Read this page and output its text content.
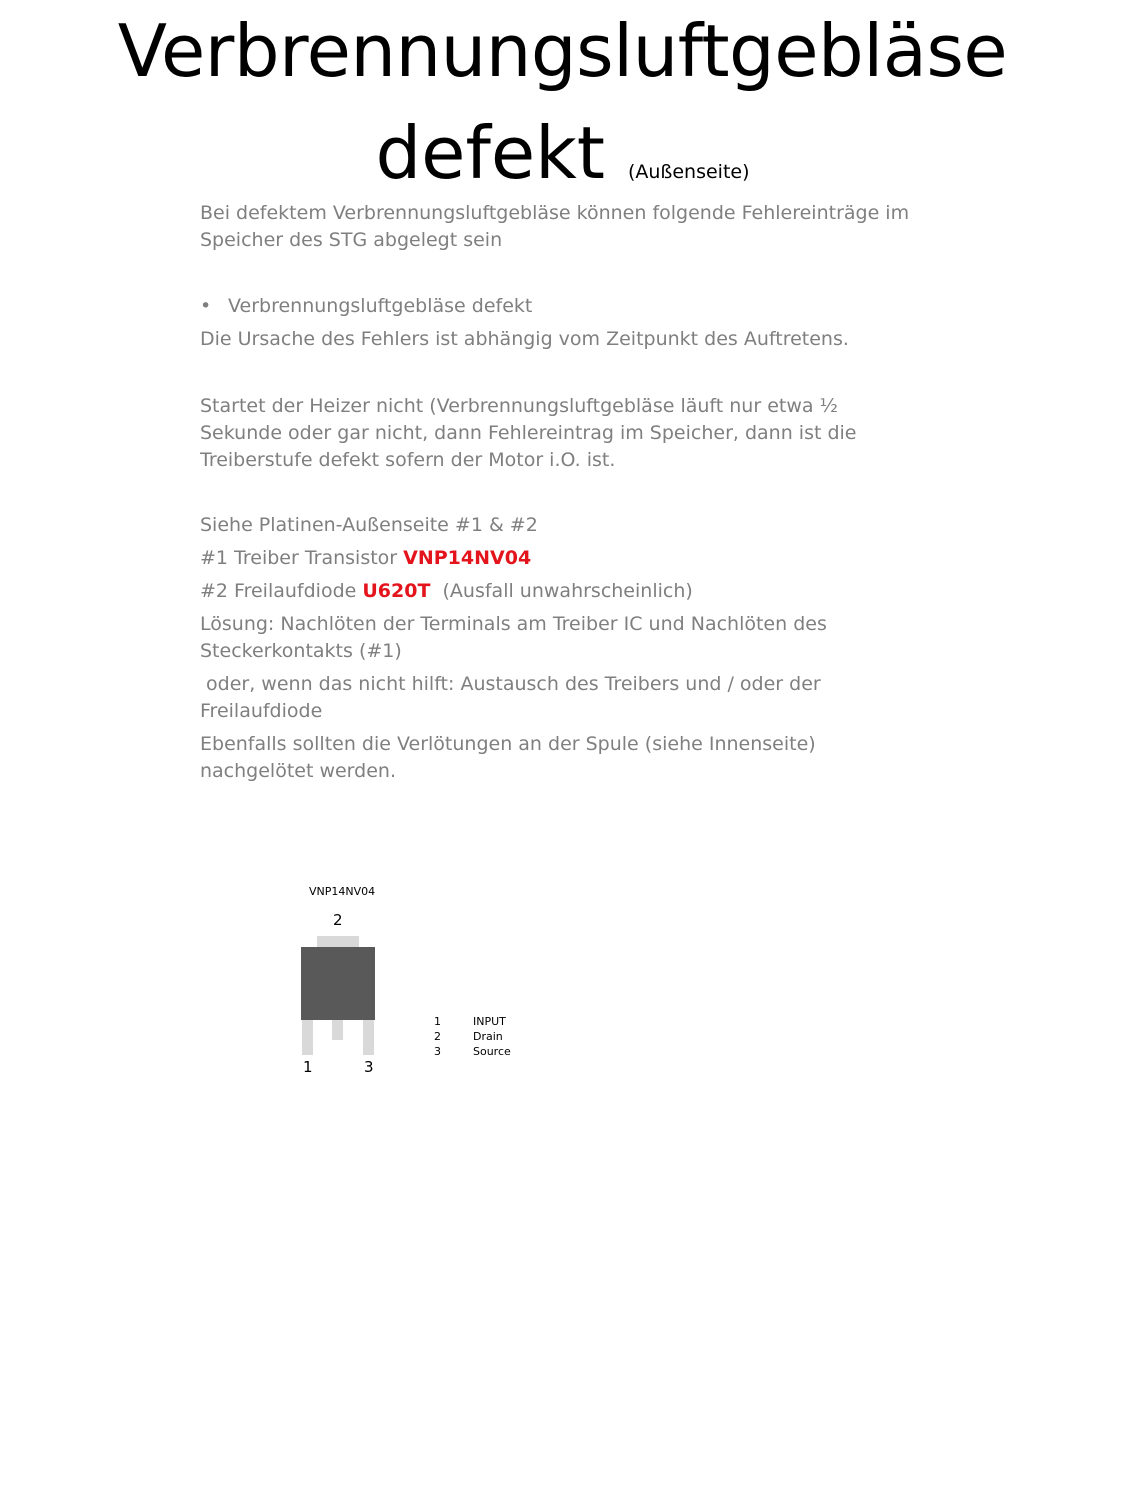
Verbrennungsluftgebläse
defekt (Außenseite)

Bei defektem Verbrennungsluftgebläse können folgende Fehlereinträge im
Speicher des STG abgelegt sein

• Verbrennungsluftgebläse defekt

Die Ursache des Fehlers ist abhängig vom Zeitpunkt des Auftretens.

Startet der Heizer nicht (Verbrennungsluftgebläse läuft nur etwa ½
Sekunde oder gar nicht, dann Fehlereintrag im Speicher, dann ist die
Treiberstufe defekt sofern der Motor i.O. ist.

Siehe Platinen-Außenseite #1 & #2

#1 Treiber Transistor VNP14NV04

#2 Freilaufdiode U620T  (Ausfall unwahrscheinlich)

Lösung: Nachlöten der Terminals am Treiber IC und Nachlöten des
Steckerkontakts (#1)

oder, wenn das nicht hilft: Austausch des Treibers und / oder der
Freilaufdiode

Ebenfalls sollten die Verlötungen an der Spule (siehe Innenseite)
nachgelötet werden.

VNP14NV04
2
1	3
1	INPUT
2	Drain
3	Source
